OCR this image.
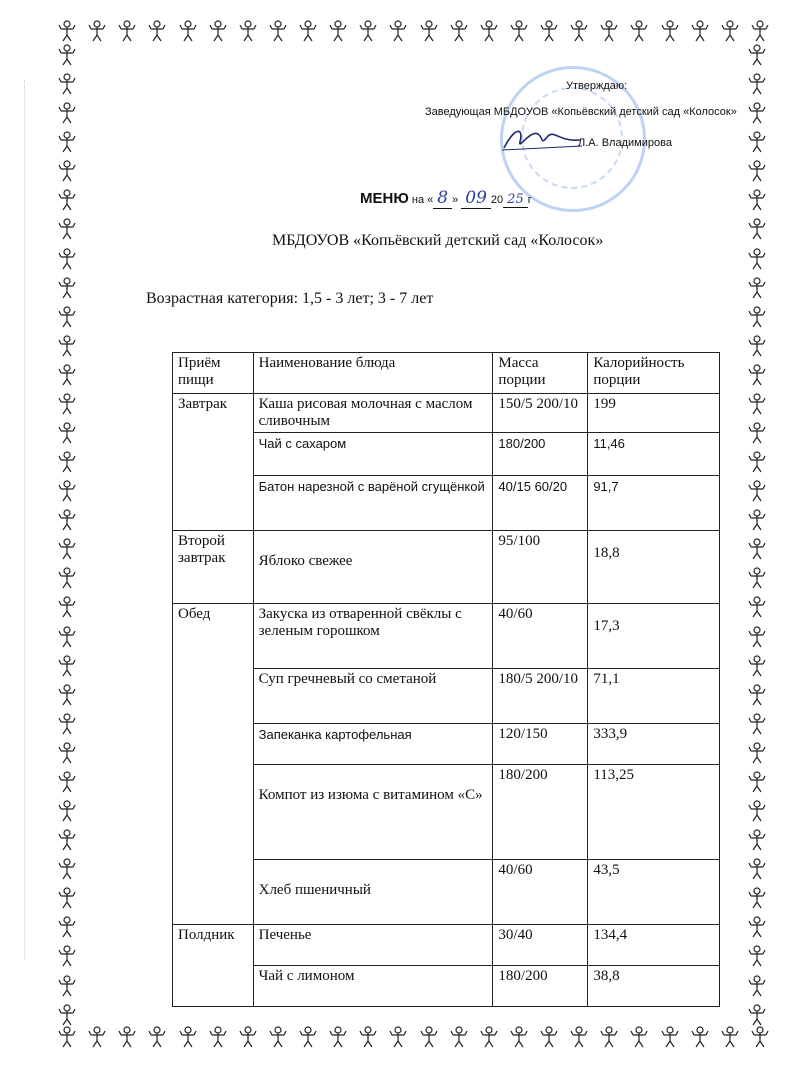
Утверждаю:
Заведующая МБДОУОВ «Копьёвский детский сад «Колосок»
Л.А. Владимирова
МЕНЮ на « 8 » 09 20 25 г
МБДОУОВ «Копьёвский детский сад «Колосок»
Возрастная категория: 1,5 - 3 лет; 3 - 7 лет
Приём пищи	Наименование блюда	Масса порции	Калорийность порции
Завтрак	Каша рисовая молочная с маслом сливочным	150/5 200/10	199
	Чай с сахаром	180/200	11,46
	Батон нарезной с варёной сгущёнкой	40/15 60/20	91,7
Второй завтрак	Яблоко свежее	95/100	18,8
Обед	Закуска из отваренной свёклы с зеленым горошком	40/60	17,3
	Суп гречневый со сметаной	180/5 200/10	71,1
	Запеканка картофельная	120/150	333,9
	Компот из изюма с витамином «С»	180/200	113,25
	Хлеб пшеничный	40/60	43,5
Полдник	Печенье	30/40	134,4
	Чай с лимоном	180/200	38,8
